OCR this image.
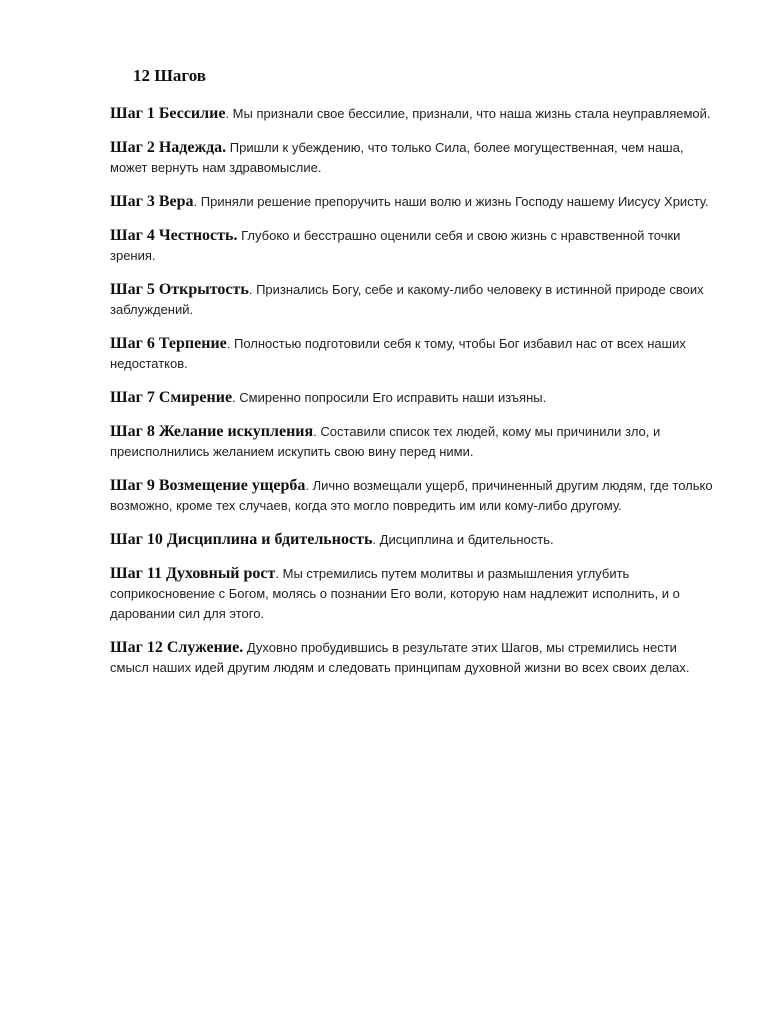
12 Шагов

Шаг 1 Бессилие. Мы признали свое бессилие, признали, что наша жизнь стала неуправляемой.

Шаг 2 Надежда. Пришли к убеждению, что только Сила, более могущественная, чем наша, может вернуть нам здравомыслие.

Шаг 3 Вера. Приняли решение препоручить наши волю и жизнь Господу нашему Иисусу Христу.

Шаг 4 Честность. Глубоко и бесстрашно оценили себя и свою жизнь с нравственной точки зрения.

Шаг 5 Открытость. Признались Богу, себе и какому-либо человеку в истинной природе своих заблуждений.

Шаг 6 Терпение. Полностью подготовили себя к тому, чтобы Бог избавил нас от всех наших недостатков.

Шаг 7 Смирение. Смиренно попросили Его исправить наши изъяны.

Шаг 8 Желание искупления. Составили список тех людей, кому мы причинили зло, и преисполнились желанием искупить свою вину перед ними.

Шаг 9 Возмещение ущерба. Лично возмещали ущерб, причиненный другим людям, где только возможно, кроме тех случаев, когда это могло повредить им или кому-либо другому.

Шаг 10 Дисциплина и бдительность. Дисциплина и бдительность.

Шаг 11 Духовный рост. Мы стремились путем молитвы и размышления углубить соприкосновение с Богом, молясь о познании Его воли, которую нам надлежит исполнить, и о даровании сил для этого.

Шаг 12 Служение. Духовно пробудившись в результате этих Шагов, мы стремились нести смысл наших идей другим людям и следовать принципам духовной жизни во всех своих делах.
